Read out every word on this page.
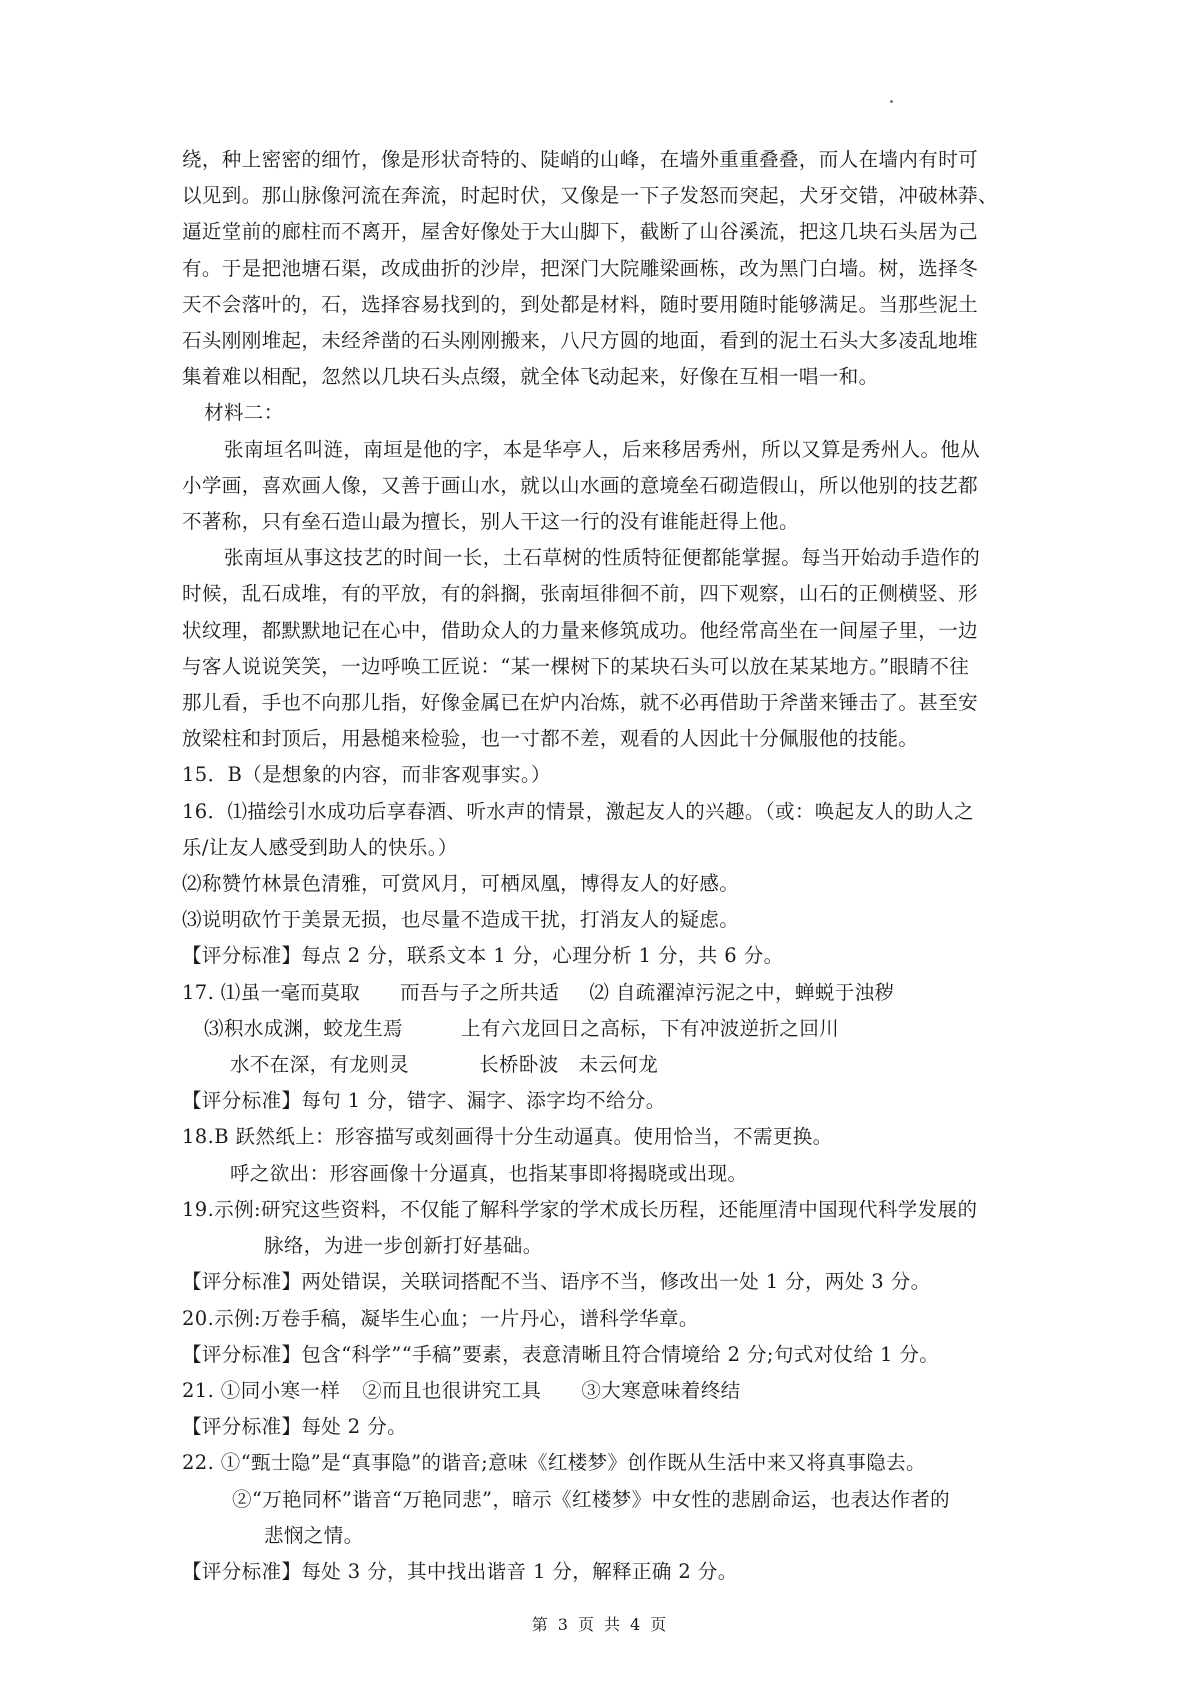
绕，种上密密的细竹，像是形状奇特的、陡峭的山峰，在墙外重重叠叠，而人在墙内有时可
以见到。那山脉像河流在奔流，时起时伏，又像是一下子发怒而突起，犬牙交错，冲破林莽、
逼近堂前的廊柱而不离开，屋舍好像处于大山脚下，截断了山谷溪流，把这几块石头居为己
有。于是把池塘石渠，改成曲折的沙岸，把深门大院雕梁画栋，改为黑门白墙。树，选择冬
天不会落叶的，石，选择容易找到的，到处都是材料，随时要用随时能够满足。当那些泥土
石头刚刚堆起，未经斧凿的石头刚刚搬来，八尺方圆的地面，看到的泥土石头大多凌乱地堆
集着难以相配，忽然以几块石头点缀，就全体飞动起来，好像在互相一唱一和。
材料二：
张南垣名叫涟，南垣是他的字，本是华亭人，后来移居秀州，所以又算是秀州人。他从
小学画，喜欢画人像，又善于画山水，就以山水画的意境垒石砌造假山，所以他别的技艺都
不著称，只有垒石造山最为擅长，别人干这一行的没有谁能赶得上他。
张南垣从事这技艺的时间一长，土石草树的性质特征便都能掌握。每当开始动手造作的
时候，乱石成堆，有的平放，有的斜搁，张南垣徘徊不前，四下观察，山石的正侧横竖、形
状纹理，都默默地记在心中，借助众人的力量来修筑成功。他经常高坐在一间屋子里，一边
与客人说说笑笑，一边呼唤工匠说：“某一棵树下的某块石头可以放在某某地方。”眼睛不往
那儿看，手也不向那儿指，好像金属已在炉内冶炼，就不必再借助于斧凿来锤击了。甚至安
放梁柱和封顶后，用悬槌来检验，也一寸都不差，观看的人因此十分佩服他的技能。
15．B（是想象的内容，而非客观事实。）
16．⑴描绘引水成功后享春酒、听水声的情景，激起友人的兴趣。（或：唤起友人的助人之
乐/让友人感受到助人的快乐。）
⑵称赞竹林景色清雅，可赏风月，可栖凤凰，博得友人的好感。
⑶说明砍竹于美景无损，也尽量不造成干扰，打消友人的疑虑。
【评分标准】每点 2 分，联系文本 1 分，心理分析 1 分，共 6 分。
17. ⑴虽一毫而莫取 而吾与子之所共适 ⑵ 自疏濯淖污泥之中，蝉蜕于浊秽
⑶积水成渊，蛟龙生焉	上有六龙回日之高标，下有冲波逆折之回川
水不在深，有龙则灵	长桥卧波　未云何龙
【评分标准】每句 1 分，错字、漏字、添字均不给分。
18.B 跃然纸上：形容描写或刻画得十分生动逼真。使用恰当，不需更换。
呼之欲出：形容画像十分逼真，也指某事即将揭晓或出现。
19.示例:研究这些资料，不仅能了解科学家的学术成长历程，还能厘清中国现代科学发展的
脉络，为进一步创新打好基础。
【评分标准】两处错误，关联词搭配不当、语序不当，修改出一处 1 分，两处 3 分。
20.示例:万卷手稿，凝毕生心血；一片丹心，谱科学华章。
【评分标准】包含“科学”“手稿”要素，表意清晰且符合情境给 2 分;句式对仗给 1 分。
21. ①同小寒一样 ②而且也很讲究工具 ③大寒意味着终结
【评分标准】每处 2 分。
22. ①“甄士隐”是“真事隐”的谐音;意味《红楼梦》创作既从生活中来又将真事隐去。
②“万艳同杯”谐音“万艳同悲”，暗示《红楼梦》中女性的悲剧命运，也表达作者的
悲悯之情。
【评分标准】每处 3 分，其中找出谐音 1 分，解释正确 2 分。
第 3 页 共 4 页
